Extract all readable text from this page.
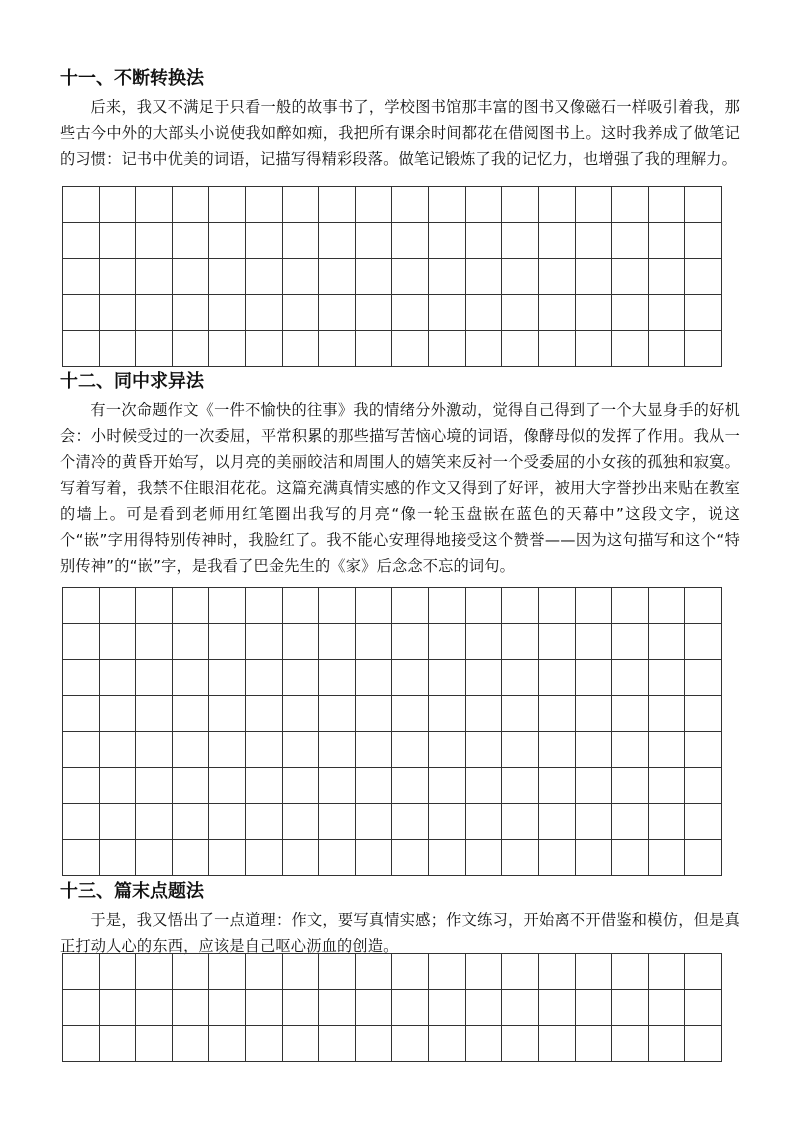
十一、不断转换法

后来，我又不满足于只看一般的故事书了，学校图书馆那丰富的图书又像磁石一样吸引着我，那些古今中外的大部头小说使我如醉如痴，我把所有课余时间都花在借阅图书上。这时我养成了做笔记的习惯：记书中优美的词语，记描写得精彩段落。做笔记锻炼了我的记忆力，也增强了我的理解力。

十二、同中求异法

有一次命题作文《一件不愉快的往事》我的情绪分外激动，觉得自己得到了一个大显身手的好机会：小时候受过的一次委屈，平常积累的那些描写苦恼心境的词语，像酵母似的发挥了作用。我从一个清冷的黄昏开始写，以月亮的美丽皎洁和周围人的嬉笑来反衬一个受委屈的小女孩的孤独和寂寞。写着写着，我禁不住眼泪花花。这篇充满真情实感的作文又得到了好评，被用大字誉抄出来贴在教室的墙上。可是看到老师用红笔圈出我写的月亮“像一轮玉盘嵌在蓝色的天幕中”这段文字，说这个“嵌”字用得特别传神时，我脸红了。我不能心安理得地接受这个赞誉——因为这句描写和这个“特别传神”的“嵌”字，是我看了巴金先生的《家》后念念不忘的词句。

十三、篇末点题法

于是，我又悟出了一点道理：作文，要写真情实感；作文练习，开始离不开借鉴和模仿，但是真正打动人心的东西，应该是自己呕心沥血的创造。
